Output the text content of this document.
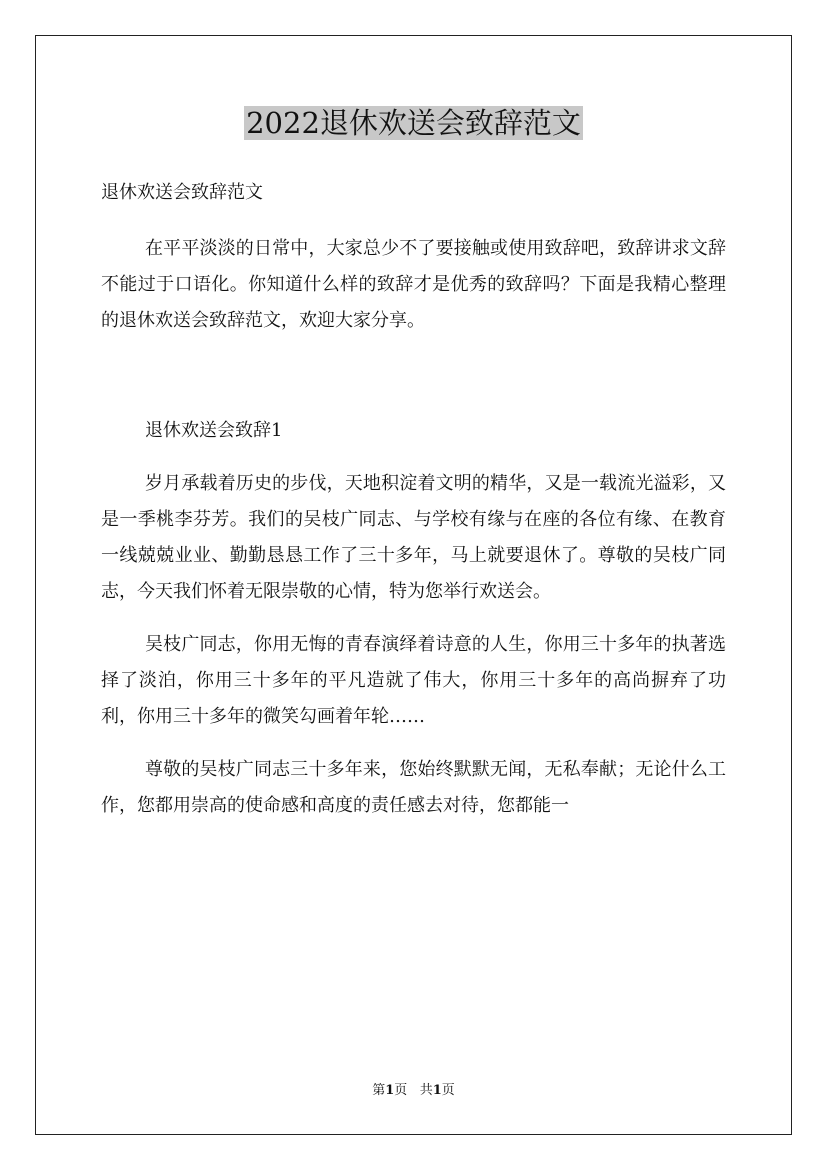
2022退休欢送会致辞范文

退休欢送会致辞范文

在平平淡淡的日常中，大家总少不了要接触或使用致辞吧，致辞讲求文辞不能过于口语化。你知道什么样的致辞才是优秀的致辞吗？下面是我精心整理的退休欢送会致辞范文，欢迎大家分享。

退休欢送会致辞1

岁月承载着历史的步伐，天地积淀着文明的精华，又是一载流光溢彩，又是一季桃李芬芳。我们的吴枝广同志、与学校有缘与在座的各位有缘、在教育一线兢兢业业、勤勤恳恳工作了三十多年，马上就要退休了。尊敬的吴枝广同志，今天我们怀着无限崇敬的心情，特为您举行欢送会。

吴枝广同志，你用无悔的青春演绎着诗意的人生，你用三十多年的执著选择了淡泊，你用三十多年的平凡造就了伟大，你用三十多年的高尚摒弃了功利，你用三十多年的微笑勾画着年轮……

尊敬的吴枝广同志三十多年来，您始终默默无闻，无私奉献；无论什么工作，您都用崇高的使命感和高度的责任感去对待，您都能一

第1页 共1页
